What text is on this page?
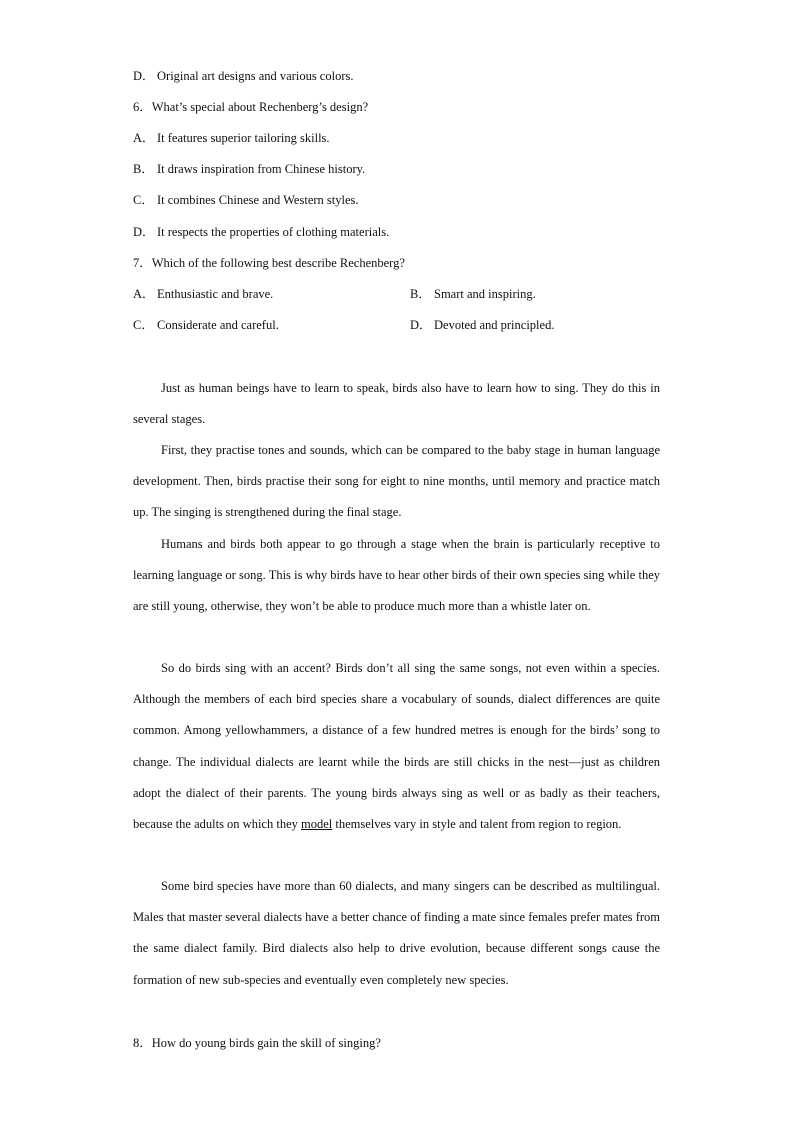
D． Original art designs and various colors.
6．What’s special about Rechenberg’s design?
A． It features superior tailoring skills.
B． It draws inspiration from Chinese history.
C． It combines Chinese and Western styles.
D． It respects the properties of clothing materials.
7．Which of the following best describe Rechenberg?
A． Enthusiastic and brave.	B． Smart and inspiring.
C． Considerate and careful.	D． Devoted and principled.

Just as human beings have to learn to speak, birds also have to learn how to sing. They do this in several stages.

First, they practise tones and sounds, which can be compared to the baby stage in human language development. Then, birds practise their song for eight to nine months, until memory and practice match up. The singing is strengthened during the final stage.

Humans and birds both appear to go through a stage when the brain is particularly receptive to learning language or song. This is why birds have to hear other birds of their own species sing while they are still young, otherwise, they won’t be able to produce much more than a whistle later on.

So do birds sing with an accent? Birds don’t all sing the same songs, not even within a species. Although the members of each bird species share a vocabulary of sounds, dialect differences are quite common. Among yellowhammers, a distance of a few hundred metres is enough for the birds’ song to change. The individual dialects are learnt while the birds are still chicks in the nest—just as children adopt the dialect of their parents. The young birds always sing as well or as badly as their teachers, because the adults on which they model themselves vary in style and talent from region to region.

Some bird species have more than 60 dialects, and many singers can be described as multilingual. Males that master several dialects have a better chance of finding a mate since females prefer mates from the same dialect family. Bird dialects also help to drive evolution, because different songs cause the formation of new sub-species and eventually even completely new species.

8．How do young birds gain the skill of singing?
